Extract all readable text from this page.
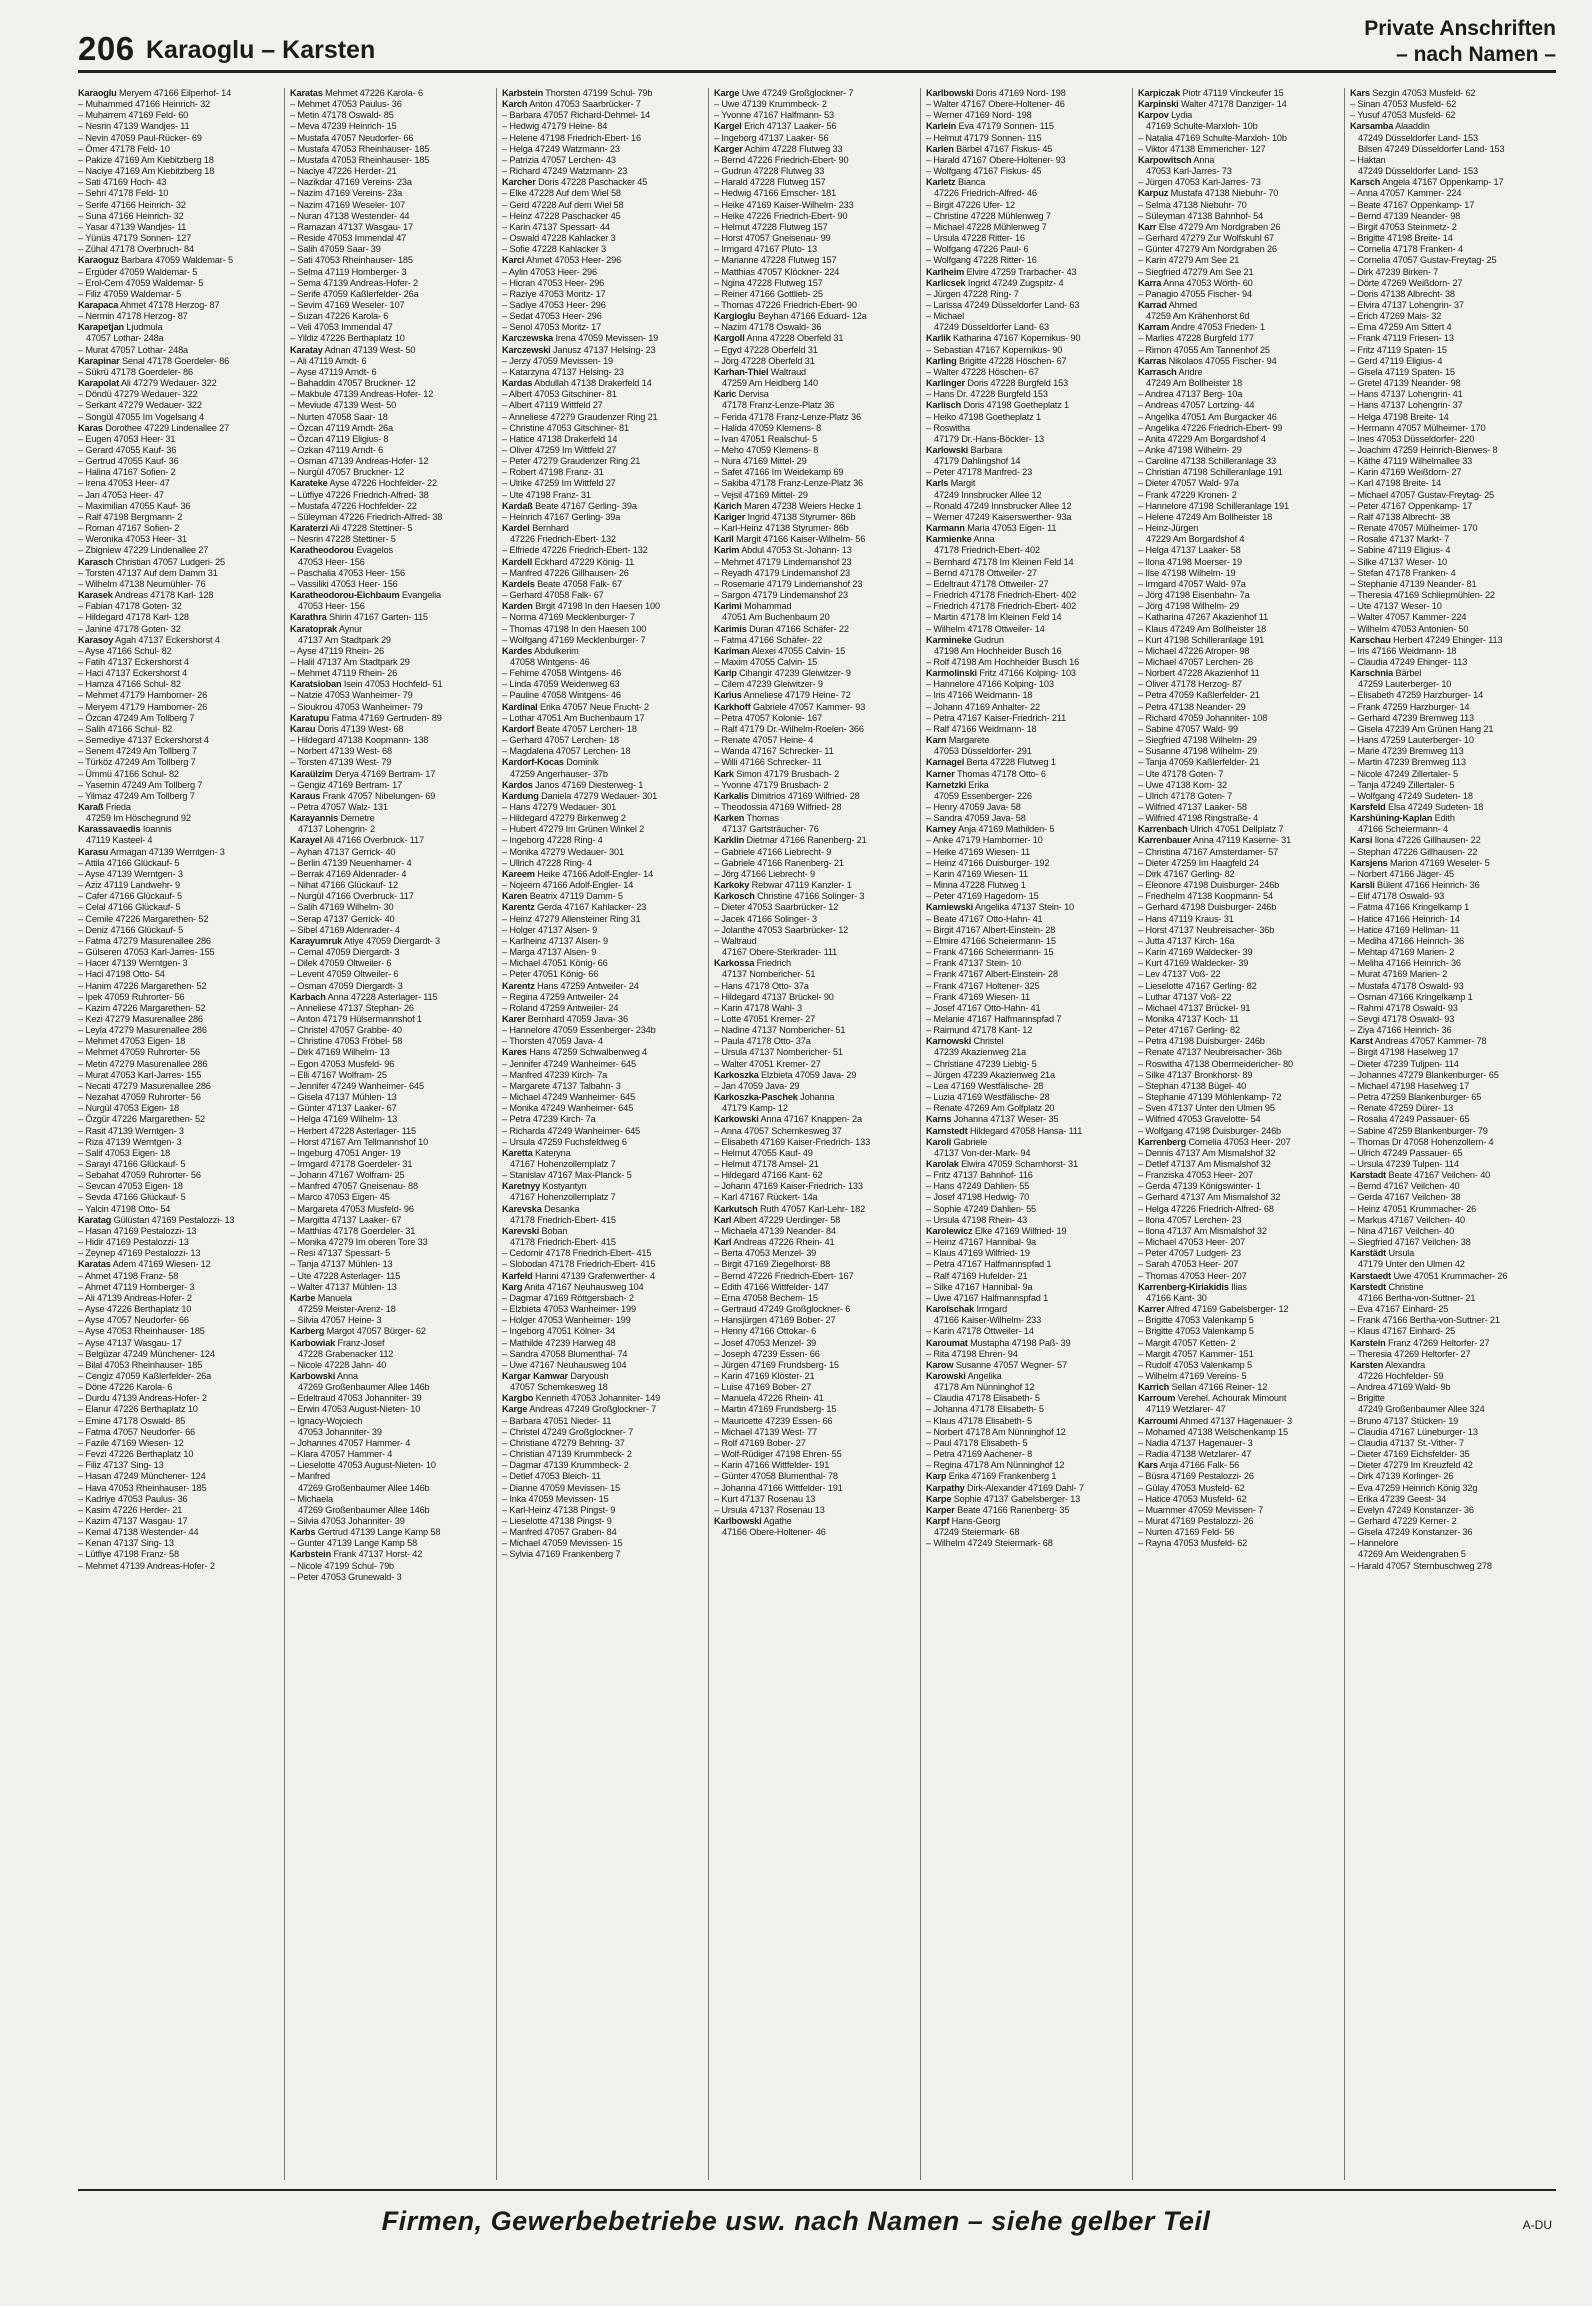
206 Karaoglu – Karsten
Private Anschriften
– nach Namen –
Karaoglu Meryem 47166 Eilperhof- 14
– Muhammed 47166 Heinrich- 32
– Muharrem 47169 Feld- 60
– Nesrin 47139 Wandjes- 11
– Nevin 47059 Paul-Rücker- 69
– Ömer 47178 Feld- 10
– Pakize 47169 Am Kiebitzberg 18
– Naciye 47169 Am Kiebitzberg 18
– Sati 47169 Hoch- 43
– Sehri 47178 Feld- 10
– Serife 47166 Heinrich- 32
– Suna 47166 Heinrich- 32
– Yasar 47139 Wandjes- 11
– Yünüs 47179 Sonnen- 127
– Zühal 47178 Overbruch- 84
Karaoguz Barbara 47059 Waldemar- 5
– Ergüder 47059 Waldemar- 5
– Erol-Cem 47059 Waldemar- 5
– Filiz 47059 Waldemar- 5
Karapaca Ahmet 47178 Herzog- 87
– Nermin 47178 Herzog- 87
Karapetjan Ljudmula
47057 Lothar- 248a
– Murat 47057 Lothar- 248a
Karapinar Senal 47178 Goerdeler- 86
– Sükrü 47178 Goerdeler- 86
Karapolat Ali 47279 Wedauer- 322
– Döndü 47279 Wedauer- 322
– Serkant 47279 Wedauer- 322
– Songül 47055 Im Vogelsang 4
Karas Dorothee 47229 Lindenallee 27
– Eugen 47053 Heer- 31
– Gerard 47055 Kauf- 36
– Gertrud 47055 Kauf- 36
– Halina 47167 Sofien- 2
– Irena 47053 Heer- 47
– Jan 47053 Heer- 47
– Maximilian 47055 Kauf- 36
– Ralf 47198 Bergmann- 2
– Roman 47167 Sofien- 2
– Weronika 47053 Heer- 31
– Zbigniew 47229 Lindenallee 27
Karasch Christian 47057 Ludgeri- 25
– Torsten 47137 Auf dem Damm 31
– Wilhelm 47138 Neumühler- 76
Karasek Andreas 47178 Karl- 128
– Fabian 47178 Goten- 32
– Hildegard 47178 Karl- 128
– Janine 47178 Goten- 32
Karasoy Agah 47137 Eckershorst 4
– Ayse 47166 Schul- 82
– Fatih 47137 Eckershorst 4
– Haci 47137 Eckershorst 4
– Hamza 47166 Schul- 82
– Mehmet 47179 Hamborner- 26
– Meryem 47179 Hamborner- 26
– Özcan 47249 Am Tollberg 7
– Salih 47166 Schul- 82
– Semediye 47137 Eckershorst 4
– Senem 47249 Am Tollberg 7
– Türköz 47249 Am Tollberg 7
– Ümmü 47166 Schul- 82
– Yasemin 47249 Am Tollberg 7
– Yilmaz 47249 Am Tollberg 7
Karaß Frieda
47259 Im Höschegrund 92
Karassavaedis Ioannis
47119 Kasteel- 4
Karasu Armagan 47139 Werntgen- 3
– Attila 47166 Glückauf- 5
– Ayse 47139 Werntgen- 3
– Aziz 47119 Landwehr- 9
– Cafer 47166 Glückauf- 5
– Celal 47166 Glückauf- 5
– Cemile 47226 Margarethen- 52
– Deniz 47166 Glückauf- 5
– Fatma 47279 Masurenallee 286
– Gülseren 47053 Karl-Jarres- 155
– Hacer 47139 Werntgen- 3
– Haci 47198 Otto- 54
– Hanim 47226 Margarethen- 52
– Ipek 47059 Ruhrorter- 56
– Kazim 47226 Margarethen- 52
– Kezi 47279 Masurenallee 286
– Leyla 47279 Masurenallee 286
– Mehmet 47053 Eigen- 18
– Mehmet 47059 Ruhrorter- 56
– Metin 47279 Masurenallee 286
– Murat 47053 Karl-Jarres- 155
– Necati 47279 Masurenallee 286
– Nezahat 47059 Ruhrorter- 56
– Nurgül 47053 Eigen- 18
– Özgür 47226 Margarethen- 52
– Rasit 47139 Werntgen- 3
– Riza 47139 Werntgen- 3
– Salif 47053 Eigen- 18
– Sarayi 47166 Glückauf- 5
– Sebahat 47059 Ruhrorter- 56
– Sevcan 47053 Eigen- 18
– Sevda 47166 Glückauf- 5
– Yalcin 47198 Otto- 54
Karatag Gülüstan 47169 Pestalozzi- 13
– Hasan 47169 Pestalozzi- 13
– Hidir 47169 Pestalozzi- 13
– Zeynep 47169 Pestalozzi- 13
Karatas Adem 47169 Wiesen- 12
– Ahmet 47198 Franz- 58
– Ahmet 47119 Homberger- 3
– Ali 47139 Andreas-Hofer- 2
– Ayse 47226 Berthaplatz 10
– Ayse 47057 Neudorfer- 66
– Ayse 47053 Rheinhauser- 185
– Ayse 47137 Wasgau- 17
– Belgüzar 47249 Münchener- 124
– Bilal 47053 Rheinhauser- 185
– Cengiz 47059 Kaßlerfelder- 26a
– Döne 47226 Karola- 6
– Durdu 47139 Andreas-Hofer- 2
– Elanur 47226 Berthaplatz 10
– Emine 47178 Oswald- 85
– Fatma 47057 Neudorfer- 66
– Fazile 47169 Wiesen- 12
– Fevzi 47226 Berthaplatz 10
– Filiz 47137 Sing- 13
– Hasan 47249 Münchener- 124
– Hava 47053 Rheinhauser- 185
– Kadriye 47053 Paulus- 36
– Kasim 47226 Herder- 21
– Kazim 47137 Wasgau- 17
– Kemal 47138 Westender- 44
– Kenan 47137 Sing- 13
– Lütfiye 47198 Franz- 58
– Mehmet 47139 Andreas-Hofer- 2
Karatas Mehmet 47226 Karola- 6
– Mehmet 47053 Paulus- 36
– Metin 47178 Oswald- 85
– Meva 47239 Heinrich- 15
– Mustafa 47057 Neudorfer- 66
– Mustafa 47053 Rheinhauser- 185
– Mustafa 47053 Rheinhauser- 185
– Naciye 47226 Herder- 21
– Nazikdar 47169 Vereins- 23a
– Nazim 47169 Vereins- 23a
– Nazim 47169 Weseler- 107
– Nuran 47138 Westender- 44
– Ramazan 47137 Wasgau- 17
– Reside 47053 Immendal 47
– Salih 47059 Saar- 39
– Sati 47053 Rheinhauser- 185
– Selma 47119 Homberger- 3
– Sema 47139 Andreas-Hofer- 2
– Serife 47059 Kaßlerfelder- 26a
– Sevim 47169 Weseler- 107
– Suzan 47226 Karola- 6
– Veli 47053 Immendal 47
– Yildiz 47226 Berthaplatz 10
Karatay Adnan 47139 West- 50
– Ali 47119 Arndt- 6
– Ayse 47119 Arndt- 6
– Bahaddin 47057 Bruckner- 12
– Makbule 47139 Andreas-Hofer- 12
– Meviude 47139 West- 50
– Nurten 47058 Saar- 18
– Özcan 47119 Arndt- 26a
– Özcan 47119 Eligius- 8
– Ozkan 47119 Arndt- 6
– Osman 47139 Andreas-Hofer- 12
– Nurgül 47057 Bruckner- 12
Karateke Ayse 47226 Hochfelder- 22
– Lütfiye 47226 Friedrich-Alfred- 38
– Mustafa 47226 Hochfelder- 22
– Süleyman 47226 Friedrich-Alfred- 38
Karaterzi Ali 47228 Stettiner- 5
– Nesrin 47228 Stettiner- 5
Karatheodorou Evagelos
47053 Heer- 156
– Paschalia 47053 Heer- 156
– Vassiliki 47053 Heer- 156
Karatheodorou-Eichbaum Evangelia
47053 Heer- 156
Karathra Shirin 47167 Garten- 115
Karatoprak Aynur
47137 Am Stadtpark 29
– Ayse 47119 Rhein- 26
– Halil 47137 Am Stadtpark 29
– Mehmet 47119 Rhein- 26
Karatsioban Isein 47053 Hochfeld- 51
– Natzie 47053 Wanheimer- 79
– Sioukrou 47053 Wanheimer- 79
Karatupu Fatma 47169 Gertruden- 89
Karau Doris 47139 West- 68
– Hildegard 47138 Koopmann- 138
– Norbert 47139 West- 68
– Torsten 47139 West- 79
Karaülzim Derya 47169 Bertram- 17
– Gengiz 47169 Bertram- 17
Karaus Frank 47057 Nibelungen- 69
– Petra 47057 Walz- 131
Karayannis Demetre
47137 Lohengrin- 2
Karayel Ali 47166 Overbruck- 117
– Ayhan 47137 Gerrick- 40
– Berlin 47139 Neuenhamer- 4
– Berrak 47169 Aldenrader- 4
– Nihat 47166 Glückauf- 12
– Nurgül 47166 Overbruck- 117
– Salih 47169 Wilhelm- 30
– Serap 47137 Gerrick- 40
– Sibel 47169 Aldenrader- 4
Karayumruk Atiye 47059 Diergardt- 3
– Cemal 47059 Diergardt- 3
– Dilek 47059 Oltweiler- 6
– Levent 47059 Oltweiler- 6
– Osman 47059 Diergardt- 3
Karbach Anna 47228 Asterlager- 115
– Anneliese 47137 Stephan- 26
– Anton 47179 Hülsermannshof 1
– Christel 47057 Grabbe- 40
– Christine 47053 Fröbel- 58
– Dirk 47169 Wilhelm- 13
– Egon 47053 Musfeld- 96
– Elli 47167 Wolfram- 25
– Jennifer 47249 Wanheimer- 645
– Gisela 47137 Mühlen- 13
– Günter 47137 Laaker- 67
– Helga 47169 Wilhelm- 13
– Herbert 47228 Asterlager- 115
– Horst 47167 Am Tellmannshof 10
– Ingeburg 47051 Anger- 19
– Irmgard 47178 Goerdeler- 31
– Johann 47167 Wolfram- 25
– Manfred 47057 Gneisenau- 88
– Marco 47053 Eigen- 45
– Margareta 47053 Musfeld- 96
– Margitta 47137 Laaker- 67
– Matthias 47178 Goerdeler- 31
– Monika 47279 Im oberen Tore 33
– Resi 47137 Spessart- 5
– Tanja 47137 Mühlen- 13
– Ute 47228 Asterlager- 115
– Walter 47137 Mühlen- 13
Karbe Manuela
47259 Meister-Arenz- 18
– Silvia 47057 Heine- 3
Karberg Margot 47057 Bürger- 62
Karbowiak Franz-Josef
47228 Grabenacker 112
– Nicole 47228 Jahn- 40
Karbowski Anna
47269 Großenbaumer Allee 146b
– Edeltraud 47053 Johanniter- 39
– Erwin 47053 August-Nieten- 10
– Ignacy-Wojciech
47053 Johanniter- 39
– Johannes 47057 Hammer- 4
– Klara 47057 Hammer- 4
– Lieselotte 47053 August-Nieten- 10
– Manfred
47269 Großenbaumer Allee 146b
– Michaela
47269 Großenbaumer Allee 146b
– Silvia 47053 Johanniter- 39
Karbs Gertrud 47139 Lange Kamp 58
– Gunter 47139 Lange Kamp 58
Karbstein Frank 47137 Horst- 42
– Nicole 47199 Schul- 79b
– Peter 47053 Grunewald- 3
Karbstein Thorsten 47199 Schul- 79b
Karch Anton 47053 Saarbrücker- 7
– Barbara 47057 Richard-Dehmel- 14
– Hedwig 47179 Heine- 84
– Helene 47198 Friedrich-Ebert- 16
– Helga 47249 Watzmann- 23
– Patrizia 47057 Lerchen- 43
– Richard 47249 Watzmann- 23
Karcher Doris 47228 Paschacker 45
– Elke 47228 Auf dem Wiel 58
– Gerd 47228 Auf dem Wiel 58
– Heinz 47228 Paschacker 45
– Karin 47137 Spessart- 44
– Oswald 47228 Kahlacker 3
– Sofie 47228 Kahlacker 3
Karci Ahmet 47053 Heer- 296
– Aylin 47053 Heer- 296
– Hicran 47053 Heer- 296
– Raziye 47053 Moritz- 17
– Sadiye 47053 Heer- 296
– Sedat 47053 Heer- 296
– Senol 47053 Moritz- 17
Karczewska Irena 47059 Mevissen- 19
Karczewski Janusz 47137 Helsing- 23
– Jerzy 47059 Mevissen- 19
– Katarzyna 47137 Helsing- 23
Kardas Abdullah 47138 Drakerfeld 14
– Albert 47053 Gitschiner- 81
– Albert 47119 Wittfeld 27
– Anneliese 47279 Graudenzer Ring 21
– Christine 47053 Gitschiner- 81
– Hatice 47138 Drakerfeld 14
– Oliver 47259 Im Wittfeld 27
– Peter 47279 Graudenzer Ring 21
– Robert 47198 Franz- 31
– Ulrike 47259 Im Wittfeld 27
– Ute 47198 Franz- 31
Kardaß Beate 47167 Gerling- 39a
– Heinrich 47167 Gerling- 39a
Kardel Bernhard
47226 Friedrich-Ebert- 132
– Elfriede 47226 Friedrich-Ebert- 132
Kardell Eckhard 47229 König- 11
– Manfred 47226 Gillhausen- 26
Kardels Beate 47058 Falk- 67
– Gerhard 47058 Falk- 67
Karden Birgit 47198 In den Haesen 100
– Norma 47169 Mecklenburger- 7
– Thomas 47198 In den Haesen 100
– Wolfgang 47169 Mecklenburger- 7
Kardes Abdulkerim
47058 Wintgens- 46
– Fehime 47058 Wintgens- 46
– Linda 47059 Weidenweg 63
– Pauline 47058 Wintgens- 46
Kardinal Erika 47057 Neue Frucht- 2
– Lothar 47051 Am Buchenbaum 17
Kardorf Beate 47057 Lerchen- 18
– Gerhard 47057 Lerchen- 18
– Magdalena 47057 Lerchen- 18
Kardorf-Kocas Dominik
47259 Angerhauser- 37b
Kardos Janos 47169 Diesterweg- 1
Kardung Daniela 47279 Wedauer- 301
– Hans 47279 Wedauer- 301
– Hildegard 47279 Birkenweg 2
– Hubert 47279 Im Grünen Winkel 2
– Ingeborg 47228 Ring- 4
– Monika 47279 Wedauer- 301
– Ullrich 47228 Ring- 4
Kareem Heike 47166 Adolf-Engler- 14
– Nojeem 47166 Adolf-Engler- 14
Karen Beatrix 47119 Damm- 5
Karentz Gerda 47167 Kahlacker- 23
– Heinz 47279 Allensteiner Ring 31
– Holger 47137 Alsen- 9
– Karlheinz 47137 Alsen- 9
– Marga 47137 Alsen- 9
– Michael 47051 König- 66
– Peter 47051 König- 66
Karentz Hans 47259 Antweiler- 24
– Regina 47259 Antweiler- 24
– Roland 47259 Antweiler- 24
Karer Bernhard 47059 Java- 36
– Hannelore 47059 Essenberger- 234b
– Thorsten 47059 Java- 4
Kares Hans 47259 Schwalbenweg 4
– Jennifer 47249 Wanheimer- 645
– Manfred 47239 Kirch- 7a
– Margarete 47137 Talbahn- 3
– Michael 47249 Wanheimer- 645
– Monika 47249 Wanheimer- 645
– Petra 47239 Kirch- 7a
– Richarda 47249 Wanheimer- 645
– Ursula 47259 Fuchsfeldweg 6
Karetta Kateryna
47167 Hohenzollernplatz 7
– Stanislav 47167 Max-Planck- 5
Karetnyy Kostyantyn
47167 Hohenzollernplatz 7
Karevska Desanka
47178 Friedrich-Ebert- 415
Karevski Boban
47178 Friedrich-Ebert- 415
– Cedomir 47178 Friedrich-Ebert- 415
– Slobodan 47178 Friedrich-Ebert- 415
Karfeld Hanni 47139 Grafenwerther- 4
Karg Anita 47167 Neuhausweg 104
– Dagmar 47169 Röttgersbach- 2
– Elzbieta 47053 Wanheimer- 199
– Holger 47053 Wanheimer- 199
– Ingeborg 47051 Kölner- 34
– Mathilde 47239 Harweg 48
– Sandra 47058 Blumenthal- 74
– Uwe 47167 Neuhausweg 104
Kargar Kamwar Daryoush
47057 Schemkesweg 18
Kargbo Kenneth 47053 Johanniter- 149
Karge Andreas 47249 Großglockner- 7
– Barbara 47051 Nieder- 11
– Christel 47249 Großglockner- 7
– Christiane 47279 Behring- 37
– Christian 47139 Krummbeck- 2
– Dagmar 47139 Krummbeck- 2
– Detlef 47053 Bleich- 11
– Dianne 47059 Mevissen- 15
– Inka 47059 Mevissen- 15
– Karl-Heinz 47138 Pingst- 9
– Lieselotte 47138 Pingst- 9
– Manfred 47057 Graben- 84
– Michael 47059 Mevissen- 15
– Sylvia 47169 Frankenberg 7
Karge Uwe 47249 Großglockner- 7
– Uwe 47139 Krummbeck- 2
– Yvonne 47167 Halfmann- 53
Kargel Erich 47137 Laaker- 56
– Ingeborg 47137 Laaker- 56
Karger Achim 47228 Flutweg 33
– Bernd 47226 Friedrich-Ebert- 90
– Gudrun 47228 Flutweg 33
– Harald 47228 Flutweg 157
– Hedwig 47166 Emscher- 181
– Heike 47169 Kaiser-Wilhelm- 233
– Heike 47226 Friedrich-Ebert- 90
– Helmut 47228 Flutweg 157
– Horst 47057 Gneisenau- 99
– Irmgard 47167 Pluto- 13
– Marianne 47228 Flutweg 157
– Matthias 47057 Klöckner- 224
– Ngina 47228 Flutweg 157
– Reiner 47166 Gottlieb- 25
– Thomas 47226 Friedrich-Ebert- 90
Kargioglu Beyhan 47166 Eduard- 12a
– Nazim 47178 Oswald- 36
Kargoll Anna 47228 Oberfeld 31
– Egyd 47228 Oberfeld 31
– Jörg 47228 Oberfeld 31
Karhan-Thiel Waltraud
47259 Am Heidberg 140
Karic Dervisa
47178 Franz-Lenze-Platz 36
– Ferida 47178 Franz-Lenze-Platz 36
– Halida 47059 Klemens- 8
– Ivan 47051 Realschul- 5
– Meho 47059 Klemens- 8
– Nura 47169 Mittel- 29
– Safet 47166 Im Weidekamp 69
– Sakiba 47178 Franz-Lenze-Platz 36
– Vejsil 47169 Mittel- 29
Karich Maren 47238 Weiers Hecke 1
Kariger Ingrid 47138 Styrumer- 86b
– Karl-Heinz 47138 Styrumer- 86b
Karil Margit 47166 Kaiser-Wilhelm- 56
Karim Abdul 47053 St.-Johann- 13
– Mehmet 47179 Lindemanshof 23
– Reyadh 47179 Lindemanshof 23
– Rosemarie 47179 Lindemanshof 23
– Sargon 47179 Lindemanshof 23
Karimi Mohammad
47051 Am Buchenbaum 20
Karimis Duran 47166 Schäfer- 22
– Fatma 47166 Schäfer- 22
Kariman Alexei 47055 Calvin- 15
– Maxim 47055 Calvin- 15
Karip Cihangir 47239 Gleiwitzer- 9
– Cilem 47239 Gleiwitzer- 9
Karius Anneliese 47179 Heine- 72
Karkhoff Gabriele 47057 Kammer- 93
– Petra 47057 Kolonie- 167
– Ralf 47179 Dr.-Wilhelm-Roelen- 366
– Renate 47057 Heine- 4
– Wanda 47167 Schrecker- 11
– Willi 47166 Schrecker- 11
Kark Simon 47179 Brusbach- 2
– Yvonne 47179 Brusbach- 2
Karkalis Dimitrios 47169 Wilfried- 28
– Theodossia 47169 Wilfried- 28
Karken Thomas
47137 Gartsträucher- 76
Karklin Dietmar 47166 Ranenberg- 21
– Gabriele 47166 Liebrecht- 9
– Gabriele 47166 Ranenberg- 21
– Jörg 47166 Liebrecht- 9
Karkoky Rebwar 47119 Kanzler- 1
Karkosch Christine 47166 Solinger- 3
– Dieter 47053 Saarbrücker- 12
– Jacek 47166 Solinger- 3
– Jolanthe 47053 Saarbrücker- 12
– Waltraud
47167 Obere-Sterkrader- 111
Karkossa Friedrich
47137 Nombericher- 51
– Hans 47178 Otto- 37a
– Hildegard 47137 Brückel- 90
– Karin 47178 Wahl- 3
– Lotte 47051 Kremer- 27
– Nadine 47137 Nombericher- 51
– Paula 47178 Otto- 37a
– Ursula 47137 Nombericher- 51
– Walter 47051 Kremer- 27
Karkoszka Elzbieta 47059 Java- 29
– Jan 47059 Java- 29
Karkoszka-Paschek Johanna
47179 Kamp- 12
Karkowski Anna 47167 Knappen- 2a
– Anna 47057 Schemkesweg 37
– Elisabeth 47169 Kaiser-Friedrich- 133
– Helmut 47055 Kauf- 49
– Helmut 47178 Amsel- 21
– Hildegard 47166 Kant- 62
– Johann 47169 Kaiser-Friedrich- 133
– Karl 47167 Rückert- 14a
Karkutsch Ruth 47057 Karl-Lehr- 182
Karl Albert 47229 Uerdinger- 58
– Michaela 47139 Neander- 84
Karl Andreas 47226 Rhein- 41
– Berta 47053 Menzel- 39
– Birgit 47169 Ziegelhorst- 88
– Bernd 47226 Friedrich-Ebert- 167
– Edith 47166 Wittfelder- 147
– Erna 47058 Bechem- 15
– Gertraud 47249 Großglockner- 6
– Hansjürgen 47169 Bober- 27
– Henny 47166 Ottokar- 6
– Josef 47053 Menzel- 39
– Joseph 47239 Essen- 66
– Jürgen 47169 Frundsberg- 15
– Karin 47169 Klöster- 21
– Luise 47169 Bober- 27
– Manuela 47226 Rhein- 41
– Martin 47169 Frundsberg- 15
– Mauricette 47239 Essen- 66
– Michael 47139 West- 77
– Rolf 47169 Bober- 27
– Wolf-Rüdiger 47198 Ehren- 55
– Karin 47166 Wittfelder- 191
– Günter 47058 Blumenthal- 78
– Johanna 47166 Wittfelder- 191
– Kurt 47137 Rosenau 13
– Ursula 47137 Rosenau 13
Karlbowski Agathe
47166 Obere-Holtener- 46
Karlbowski Doris 47169 Nord- 198
– Walter 47167 Obere-Holtener- 46
– Werner 47169 Nord- 198
Karlein Eva 47179 Sonnen- 115
– Helmut 47179 Sonnen- 115
Karlen Bärbel 47167 Fiskus- 45
– Harald 47167 Obere-Holtener- 93
– Wolfgang 47167 Fiskus- 45
Karletz Bianca
47226 Friedrich-Alfred- 46
– Birgit 47226 Ufer- 12
– Christine 47228 Mühlenweg 7
– Michael 47228 Mühlenweg 7
– Ursula 47228 Ritter- 16
– Wolfgang 47226 Paul- 6
– Wolfgang 47228 Ritter- 16
Karlheim Elvire 47259 Trarbacher- 43
Karlicsek Ingrid 47249 Zugspitz- 4
– Jürgen 47228 Ring- 7
– Larissa 47249 Düsseldorfer Land- 63
– Michael
47249 Düsseldorfer Land- 63
Karlik Katharina 47167 Kopernikus- 90
– Sebastian 47167 Kopernikus- 90
Karling Brigitte 47228 Höschen- 67
– Walter 47228 Höschen- 67
Karlinger Doris 47228 Burgfeld 153
– Hans Dr. 47228 Burgfeld 153
Karlisch Doris 47198 Goetheplatz 1
– Heiko 47198 Goetheplatz 1
– Roswitha
47179 Dr.-Hans-Böckler- 13
Karlowski Barbara
47179 Dahlingshof 14
– Peter 47178 Manfred- 23
Karls Margit
47249 Innsbrucker Allee 12
– Ronald 47249 Innsbrucker Allee 12
– Werner 47249 Kaiserswerther- 93a
Karmann Maria 47053 Eigen- 11
Karmienke Anna
47178 Friedrich-Ebert- 402
– Bernhard 47178 Im Kleinen Feld 14
– Bernd 47178 Ottweiler- 27
– Edeltraut 47178 Ottweiler- 27
– Friedrich 47178 Friedrich-Ebert- 402
– Friedrich 47178 Friedrich-Ebert- 402
– Martin 47178 Im Kleinen Feld 14
– Wilhelm 47178 Ottweiler- 14
Karmineke Gudrun
47198 Am Hochheider Busch 16
– Rolf 47198 Am Hochheider Busch 16
Karmolinski Fritz 47166 Kolping- 103
– Hannelore 47166 Kolping- 103
– Iris 47166 Weidmann- 18
– Johann 47169 Anhalter- 22
– Petra 47167 Kaiser-Friedrich- 211
– Ralf 47166 Weidmann- 18
Karn Margarete
47053 Düsseldorfer- 291
Karnagel Berta 47228 Flutweg 1
Karner Thomas 47178 Otto- 6
Karnetzki Erika
47059 Essenberger- 226
– Henry 47059 Java- 58
– Sandra 47059 Java- 58
Karney Anja 47169 Mathilden- 5
– Anke 47179 Hamborner- 10
– Heike 47169 Wiesen- 11
– Heinz 47166 Duisburger- 192
– Karin 47169 Wiesen- 11
– Minna 47228 Flutweg 1
– Peter 47169 Hagedorn- 15
Karniewski Angelika 47137 Stein- 10
– Beate 47167 Otto-Hahn- 41
– Birgit 47167 Albert-Einstein- 28
– Elmire 47166 Scheiermann- 15
– Frank 47166 Scheiermann- 15
– Frank 47137 Stein- 10
– Frank 47167 Albert-Einstein- 28
– Frank 47167 Holtener- 325
– Frank 47169 Wiesen- 11
– Josef 47167 Otto-Hahn- 41
– Melanie 47167 Halfmannspfad 7
– Raimund 47178 Kant- 12
Karnowski Christel
47239 Akazienweg 21a
– Christiane 47239 Liebig- 5
– Jürgen 47239 Akazienweg 21a
– Lea 47169 Westfälische- 28
– Luzia 47169 Westfälische- 28
– Renate 47269 Am Golfplatz 20
Karns Johanna 47137 Weser- 35
Karnstedt Hildegard 47058 Hansa- 111
Karoli Gabriele
47137 Von-der-Mark- 94
Karolak Elwira 47059 Scharnhorst- 31
– Fritz 47137 Bahnhof- 116
– Hans 47249 Dahlien- 55
– Josef 47198 Hedwig- 70
– Sophie 47249 Dahlien- 55
– Ursula 47198 Rhein- 43
Karolewicz Elke 47169 Wilfried- 19
– Heinz 47167 Hannibal- 9a
– Klaus 47169 Wilfried- 19
– Petra 47167 Halfmannspfad 1
– Ralf 47169 Hufelder- 21
– Silke 47167 Hannibal- 9a
– Uwe 47167 Halfmannspfad 1
Karolschak Irmgard
47166 Kaiser-Wilhelm- 233
– Karin 47178 Ottweiler- 14
Karoumat Mustapha 47198 Paß- 39
– Rita 47198 Ehren- 94
Karow Susanne 47057 Wegner- 57
Karowski Angelika
47178 Am Nünninghof 12
– Claudia 47178 Elisabeth- 5
– Johanna 47178 Elisabeth- 5
– Klaus 47178 Elisabeth- 5
– Norbert 47178 Am Nünninghof 12
– Paul 47178 Elisabeth- 5
– Petra 47169 Aachener- 8
– Regina 47178 Am Nünninghof 12
Karp Erika 47169 Frankenberg 1
Karpathy Dirk-Alexander 47169 Dahl- 7
Karpe Sophie 47137 Gabelsberger- 13
Karper Beate 47166 Ranenberg- 35
Karpf Hans-Georg
47249 Steiermark- 68
– Wilhelm 47249 Steiermark- 68
Karpiczak Piotr 47119 Vinckeufer 15
Karpinski Walter 47178 Danziger- 14
Karpov Lydia
47169 Schulte-Marxloh- 10b
– Natalia 47169 Schulte-Marxloh- 10b
– Viktor 47138 Emmericher- 127
Karpowitsch Anna
47053 Karl-Jarres- 73
– Jürgen 47053 Karl-Jarres- 73
Karpuz Mustafa 47138 Niebuhr- 70
– Selma 47138 Niebuhr- 70
– Süleyman 47138 Bahnhof- 54
Karr Else 47279 Am Nordgraben 26
– Gerhard 47279 Zur Wolfskuhl 67
– Günter 47279 Am Nordgraben 26
– Karin 47279 Am See 21
– Siegfried 47279 Am See 21
Karra Anna 47053 Wörth- 60
– Panagio 47055 Fischer- 94
Karrad Ahmed
47259 Am Krähenhorst 6d
Karram Andre 47053 Frieden- 1
– Marlies 47228 Burgfeld 177
– Rimon 47055 Am Tannenhof 25
Karras Nikolaos 47055 Fischer- 94
Karrasch Andre
47249 Am Bollheister 18
– Andrea 47137 Berg- 10a
– Andreas 47057 Lortzing- 44
– Angelika 47051 Am Burgacker 46
– Angelika 47226 Friedrich-Ebert- 99
– Anita 47229 Am Borgardshof 4
– Anke 47198 Wilhelm- 29
– Caroline 47138 Schilleranlage 33
– Christian 47198 Schilleranlage 191
– Dieter 47057 Wald- 97a
– Frank 47229 Kronen- 2
– Hannelore 47198 Schilleranlage 191
– Helene 47249 Am Bollheister 18
– Heinz-Jürgen
47229 Am Borgardshof 4
– Helga 47137 Laaker- 58
– Ilona 47198 Moerser- 19
– Ilse 47198 Wilhelm- 19
– Irmgard 47057 Wald- 97a
– Jörg 47198 Eisenbahn- 7a
– Jörg 47198 Wilhelm- 29
– Katharina 47267 Akazienhof 11
– Klaus 47249 Am Bollheister 18
– Kurt 47198 Schilleranlage 191
– Michael 47226 Atroper- 98
– Michael 47057 Lerchen- 26
– Norbert 47228 Akazienhof 11
– Oliver 47178 Herzog- 87
– Petra 47059 Kaßlerfelder- 21
– Petra 47138 Neander- 29
– Richard 47059 Johanniter- 108
– Sabine 47057 Wald- 99
– Siegfried 47198 Wilhelm- 29
– Susanne 47198 Wilhelm- 29
– Tanja 47059 Kaßlerfelder- 21
– Ute 47178 Goten- 7
– Uwe 47138 Korn- 32
– Ulrich 47178 Goten- 7
– Wilfried 47137 Laaker- 58
– Wilfried 47198 Ringstraße- 4
Karrenbach Ulrich 47051 Dellplatz 7
Karrenbauer Anna 47119 Kaserne- 31
– Christina 47167 Amsterdamer- 57
– Dieter 47259 Im Haagfeld 24
– Dirk 47167 Gerling- 82
– Eleonore 47198 Duisburger- 246b
– Friedhelm 47138 Koopmann- 54
– Gerhard 47198 Duisburger- 246b
– Hans 47119 Kraus- 31
– Horst 47137 Neubreisacher- 36b
– Jutta 47137 Kirch- 16a
– Karin 47169 Waldecker- 39
– Kurt 47169 Waldecker- 39
– Lev 47137 Voß- 22
– Lieselotte 47167 Gerling- 82
– Luthar 47137 Voß- 22
– Michael 47137 Brückel- 91
– Monika 47137 Koch- 11
– Peter 47167 Gerling- 82
– Petra 47198 Duisburger- 246b
– Renate 47137 Neubreisacher- 36b
– Roswitha 47138 Obermeidericher- 80
– Silke 47137 Bronkhorst- 89
– Stephan 47138 Bügel- 40
– Stephanie 47139 Möhlenkamp- 72
– Sven 47137 Unter den Ulmen 95
– Wilfried 47053 Gravelotte- 54
– Wolfgang 47198 Duisburger- 246b
Karrenberg Cornelia 47053 Heer- 207
– Dennis 47137 Am Mismalshof 32
– Detlef 47137 Am Mismalshof 32
– Franziska 47053 Heer- 207
– Gerda 47139 Königswinter- 1
– Gerhard 47137 Am Mismalshof 32
– Helga 47226 Friedrich-Alfred- 68
– Ilona 47057 Lerchen- 23
– Ilona 47137 Am Mismalshof 32
– Michael 47053 Heer- 207
– Peter 47057 Ludgeri- 23
– Sarah 47053 Heer- 207
– Thomas 47053 Heer- 207
Karrenberg-Kiriakidis Ilias
47166 Kant- 30
Karrer Alfred 47169 Gabelsberger- 12
– Brigitte 47053 Valenkamp 5
– Brigitte 47053 Valenkamp 5
– Margit 47057 Ketten- 2
– Margit 47057 Kammer- 151
– Rudolf 47053 Valenkamp 5
– Wilhelm 47169 Vereins- 5
Karrich Sellan 47166 Reiner- 12
Karroum Verehel. Achourak Mimount
47119 Wetzlarer- 47
Karroumi Ahmed 47137 Hagenauer- 3
– Mohamed 47138 Welschenkamp 15
– Nadia 47137 Hagenauer- 3
– Radia 47138 Wetzlarer- 47
Kars Anja 47166 Falk- 56
– Büsra 47169 Pestalozzi- 26
– Gülay 47053 Musfeld- 62
– Hatice 47053 Musfeld- 62
– Muammer 47059 Mevissen- 7
– Murat 47169 Pestalozzi- 26
– Nurten 47169 Feld- 56
– Rayna 47053 Musfeld- 62
Kars Sezgin 47053 Musfeld- 62
– Sinan 47053 Musfeld- 62
– Yusuf 47053 Musfeld- 62
Karsamba Alaaddin
47249 Düsseldorfer Land- 153
Bilsen 47249 Düsseldorfer Land- 153
– Haktan
47249 Düsseldorfer Land- 153
Karsch Angela 47167 Oppenkamp- 17
– Anna 47057 Kammer- 224
– Beate 47167 Oppenkamp- 17
– Bernd 47139 Neander- 98
– Birgit 47053 Steinmetz- 2
– Brigitte 47198 Breite- 14
– Cornelia 47178 Franken- 4
– Cornelia 47057 Gustav-Freytag- 25
– Dirk 47239 Birken- 7
– Dörte 47269 Weißdorn- 27
– Doris 47138 Albrecht- 38
– Elvira 47137 Lohengrin- 37
– Erich 47269 Mais- 32
– Erna 47259 Am Sittert 4
– Frank 47119 Friesen- 13
– Fritz 47119 Spaten- 15
– Gerd 47119 Eligius- 4
– Gisela 47119 Spaten- 15
– Gretel 47139 Neander- 98
– Hans 47137 Lohengrin- 41
– Hans 47137 Lohengrin- 37
– Helga 47198 Breite- 14
– Hermann 47057 Mülheimer- 170
– Ines 47053 Düsseldorfer- 220
– Joachim 47259 Heinrich-Bierwes- 8
– Käthe 47119 Wilhelmallee 33
– Karin 47169 Weißdorn- 27
– Karl 47198 Breite- 14
– Michael 47057 Gustav-Freytag- 25
– Peter 47167 Oppenkamp- 17
– Ralf 47138 Albrecht- 38
– Renate 47057 Mülheimer- 170
– Rosalie 47137 Markt- 7
– Sabine 47119 Eligius- 4
– Silke 47137 Weser- 10
– Stefan 47178 Franken- 4
– Stephanie 47139 Neander- 81
– Theresia 47169 Schliepmühlen- 22
– Ute 47137 Weser- 10
– Walter 47057 Kammer- 224
– Wilhelm 47053 Antonien- 50
Karschau Herbert 47249 Ehinger- 113
– Iris 47166 Weidmann- 18
– Claudia 47249 Ehinger- 113
Karschnia Bärbel
47259 Lauterberger- 10
– Elisabeth 47259 Harzburger- 14
– Frank 47259 Harzburger- 14
– Gerhard 47239 Bremweg 113
– Gisela 47239 Am Grünen Hang 21
– Hans 47259 Lauterberger- 10
– Marie 47239 Bremweg 113
– Martin 47239 Bremweg 113
– Nicole 47249 Zillertaler- 5
– Tanja 47249 Zillertaler- 5
– Wolfgang 47249 Sudeten- 18
Karsfeld Elsa 47249 Sudeten- 18
Karshüning-Kaplan Edith
47166 Scheiermann- 4
Karsi Ilona 47226 Gillhausen- 22
– Stephan 47226 Gillhausen- 22
Karsjens Marion 47169 Weseler- 5
– Norbert 47166 Jäger- 45
Karsli Bülent 47166 Heinrich- 36
– Elif 47178 Oswald- 93
– Fatma 47166 Kringelkamp 1
– Hatice 47166 Heinrich- 14
– Hatice 47169 Hellman- 11
– Mediha 47166 Heinrich- 36
– Mehtap 47169 Marien- 2
– Meliha 47166 Heinrich- 36
– Murat 47169 Marien- 2
– Mustafa 47178 Oswald- 93
– Osman 47166 Kringelkamp 1
– Rahmi 47178 Oswald- 93
– Sevgi 47178 Oswald- 93
– Ziya 47166 Heinrich- 36
Karst Andreas 47057 Kammer- 78
– Birgit 47198 Haselweg 17
– Dieter 47239 Tuljpen- 114
– Johannes 47279 Blankenburger- 65
– Michael 47198 Haselweg 17
– Petra 47259 Blankenburger- 65
– Renate 47259 Dürer- 13
– Rosalia 47249 Passauer- 65
– Sabine 47259 Blankenburger- 79
– Thomas Dr 47058 Hohenzollern- 4
– Ulrich 47249 Passauer- 65
– Ursula 47239 Tulpen- 114
Karstadt Beate 47167 Veilchen- 40
– Bernd 47167 Veilchen- 40
– Gerda 47167 Veilchen- 38
– Heinz 47051 Krummacher- 26
– Markus 47167 Veilchen- 40
– Nina 47167 Veilchen- 40
– Siegfried 47167 Veilchen- 38
Karstädt Ursula
47179 Unter den Ulmen 42
Karstaedt Uwe 47051 Krummacher- 26
Karstedt Christine
47166 Bertha-von-Suttner- 21
– Eva 47167 Einhard- 25
– Frank 47166 Bertha-von-Suttner- 21
– Klaus 47167 Einhard- 25
Karstein Franz 47269 Heltorfer- 27
– Theresia 47269 Heltorfer- 27
Karsten Alexandra
47226 Hochfelder- 59
– Andrea 47169 Wald- 9b
– Brigitte
47249 Großenbaumer Allee 324
– Bruno 47137 Stücken- 19
– Claudia 47167 Lüneburger- 13
– Claudia 47137 St.-Vither- 7
– Dieter 47169 Eichsfelder- 35
– Dieter 47279 Im Kreuzfeld 42
– Dirk 47139 Korlinger- 26
– Eva 47259 Heinrich König 32g
– Erika 47239 Geest- 34
– Evelyn 47249 Konstanzer- 36
– Gerhard 47229 Kerner- 2
– Gisela 47249 Konstanzer- 36
– Hannelore
47269 Am Weidengraben 5
– Harald 47057 Sternbuschweg 278
Firmen, Gewerbebetriebe usw. nach Namen – siehe gelber Teil	A-DU
